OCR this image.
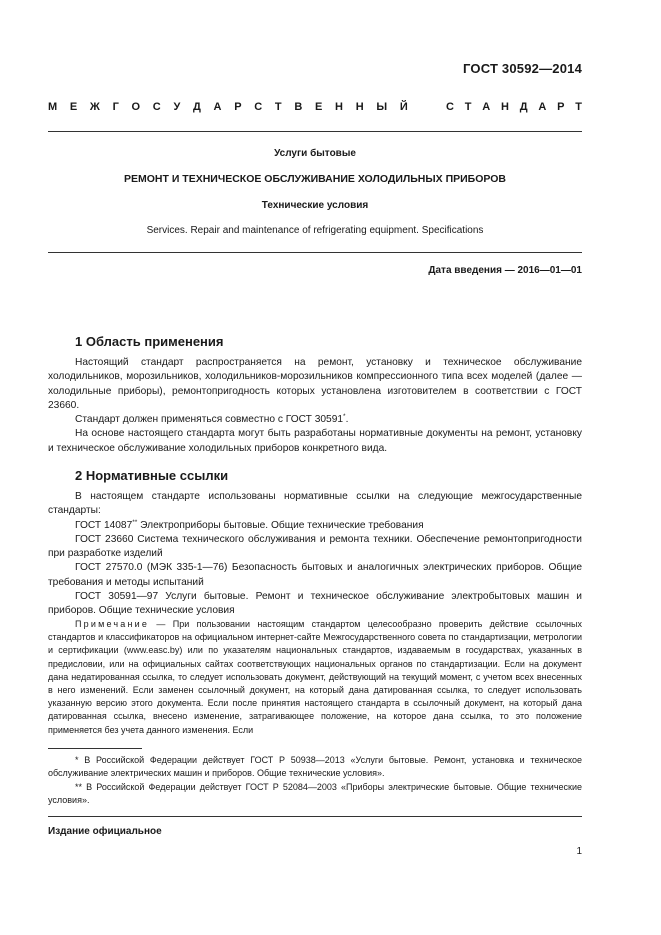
ГОСТ 30592—2014
М Е Ж Г О С У Д А Р С Т В Е Н Н Ы Й	С Т А Н Д А Р Т
Услуги бытовые
РЕМОНТ И ТЕХНИЧЕСКОЕ ОБСЛУЖИВАНИЕ ХОЛОДИЛЬНЫХ ПРИБОРОВ
Технические условия
Services. Repair and maintenance of refrigerating equipment. Specifications
Дата введения — 2016—01—01
1 Область применения

Настоящий стандарт распространяется на ремонт, установку и техническое обслуживание холодильников, морозильников, холодильников-морозильников компрессионного типа всех моделей (далее — холодильные приборы), ремонтопригодность которых установлена изготовителем в соответствии с ГОСТ 23660.

Стандарт должен применяться совместно с ГОСТ 30591*.

На основе настоящего стандарта могут быть разработаны нормативные документы на ремонт, установку и техническое обслуживание холодильных приборов конкретного вида.

2 Нормативные ссылки

В настоящем стандарте использованы нормативные ссылки на следующие межгосударственные стандарты:

ГОСТ 14087** Электроприборы бытовые. Общие технические требования

ГОСТ 23660 Система технического обслуживания и ремонта техники. Обеспечение ремонтопригодности при разработке изделий

ГОСТ 27570.0 (МЭК 335-1—76) Безопасность бытовых и аналогичных электрических приборов. Общие требования и методы испытаний

ГОСТ 30591—97 Услуги бытовые. Ремонт и техническое обслуживание электробытовых машин и приборов. Общие технические условия

Примечание — При пользовании настоящим стандартом целесообразно проверить действие ссылочных стандартов и классификаторов на официальном интернет-сайте Межгосударственного совета по стандартизации, метрологии и сертификации (www.easc.by) или по указателям национальных стандартов, издаваемым в государствах, указанных в предисловии, или на официальных сайтах соответствующих национальных органов по стандартизации. Если на документ дана недатированная ссылка, то следует использовать документ, действующий на текущий момент, с учетом всех внесенных в него изменений. Если заменен ссылочный документ, на который дана датированная ссылка, то следует использовать указанную версию этого документа. Если после принятия настоящего стандарта в ссылочный документ, на который дана датированная ссылка, внесено изменение, затрагивающее положение, на которое дана ссылка, то это положение применяется без учета данного изменения. Если

* В Российской Федерации действует ГОСТ Р 50938—2013 «Услуги бытовые. Ремонт, установка и техническое обслуживание электрических машин и приборов. Общие технические условия».

** В Российской Федерации действует ГОСТ Р 52084—2003 «Приборы электрические бытовые. Общие технические условия».

Издание официальное
1
